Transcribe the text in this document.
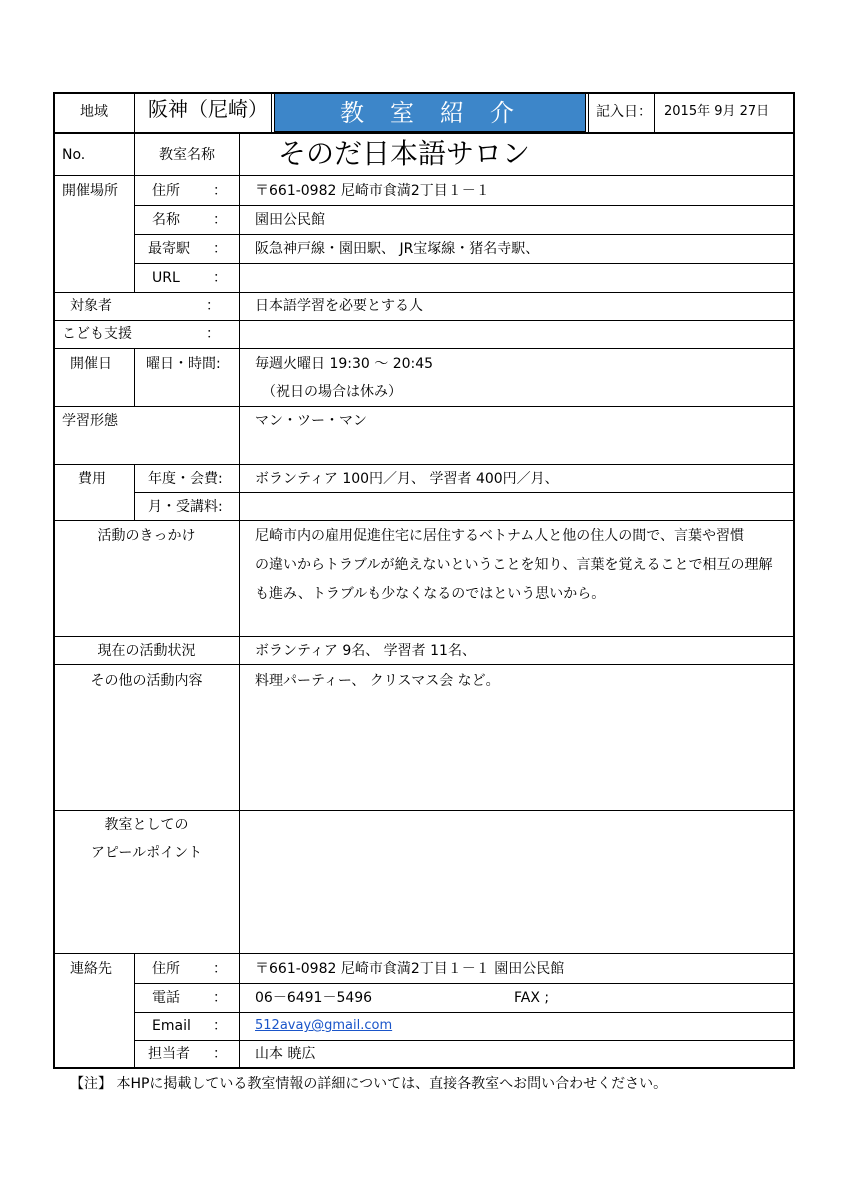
地域	阪神（尼崎）	教室紹介	記入日： 2015年 9月 27日
No.	教室名称	そのだ日本語サロン
開催場所 住所 ： 〒661-0982 尼崎市食満2丁目１－１
名称 ： 園田公民館
最寄駅 ： 阪急神戸線・園田駅、 JR宝塚線・猪名寺駅、
URL ：
対象者	：	日本語学習を必要とする人
こども支援	：
開催日 曜日・時間: 毎週火曜日 19:30 ～ 20:45
（祝日の場合は休み）
学習形態	マン・ツー・マン
費用	年度・会費: ボランティア 100円／月、 学習者 400円／月、
月・受講料:
活動のきっかけ	尼崎市内の雇用促進住宅に居住するベトナム人と他の住人の間で、言葉や習慣
の違いからトラブルが絶えないということを知り、言葉を覚えることで相互の理解
も進み、トラブルも少なくなるのではという思いから。
現在の活動状況	ボランティア 9名、 学習者 11名、
その他の活動内容	料理パーティー、 クリスマス会 など。
教室としての
アピールポイント
連絡先	住所 ： 〒661-0982 尼崎市食満2丁目１－１ 園田公民館
電話 ： 06－6491－5496	FAX ;
Email ： 512avay@gmail.com
担当者 ： 山本 暁広
【注】 本HPに掲載している教室情報の詳細については、直接各教室へお問い合わせください。
